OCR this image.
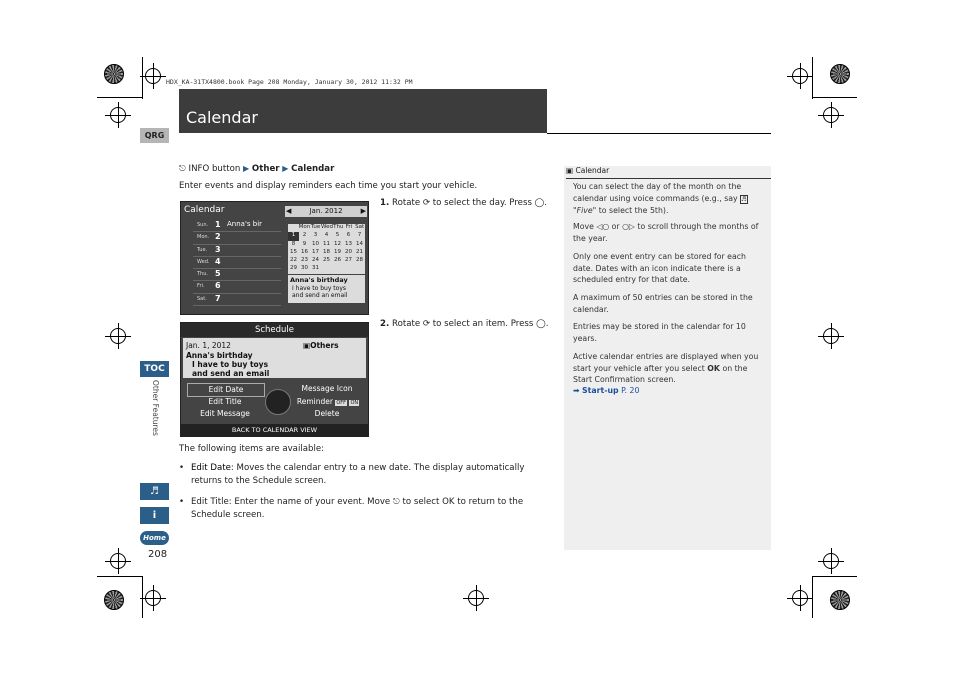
HDX_KA-31TX4800.book Page 208 Monday, January 30, 2012 11:32 PM
Calendar
QRG
TOC
Other Features
♬
i
Home
208
⎋ INFO button ▶ Other ▶ Calendar
Enter events and display reminders each time you start your vehicle.
Calendar	◀	Jan. 2012	▶
Sun. 1 Anna's bir
Mon. 2
Tue. 3
Wed. 4
Thu. 5
Fri. 6
Sat. 7
Mon Tue Wed Thu Fri Sat
1	2	3	4	5	6	7
8	9	10 11 12 13 14
15 16 17 18 19 20 21
22 23 24 25 26 27 28
29 30 31
Anna's birthday
I have to buy toys
and send an email
1. Rotate ⟳ to select the day. Press ◯.
Schedule
Jan. 1, 2012	▣Others
Anna's birthday
I have to buy toys
and send an email
Edit Date	Message Icon
Edit Title	Reminder OFF ON
Edit Message	Delete
BACK TO CALENDAR VIEW
2. Rotate ⟳ to select an item. Press ◯.
The following items are available:
• Edit Date: Moves the calendar entry to a new date. The display automatically returns to the Schedule screen.
• Edit Title: Enter the name of your event. Move ⎋ to select OK to return to the Schedule screen.
▣ Calendar
You can select the day of the month on the calendar using voice commands (e.g., say ♬ "Five" to select the 5th).
Move ◁○ or ○▷ to scroll through the months of the year.
Only one event entry can be stored for each date. Dates with an icon indicate there is a scheduled entry for that date.
A maximum of 50 entries can be stored in the calendar.
Entries may be stored in the calendar for 10 years.
Active calendar entries are displayed when you start your vehicle after you select OK on the Start Confirmation screen.
➡ Start-up P. 20
